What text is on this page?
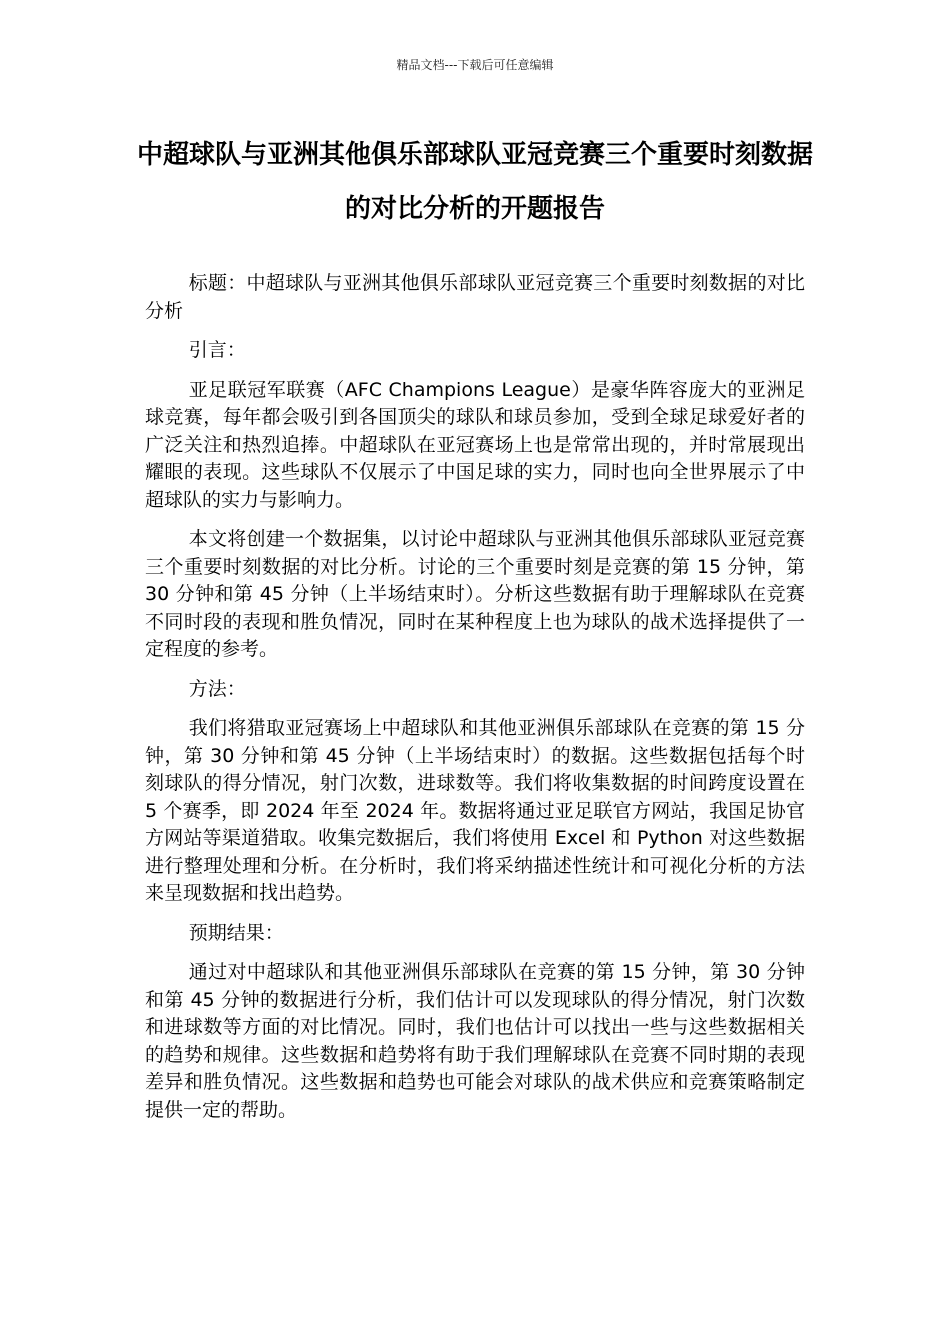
精品文档---下载后可任意编辑
中超球队与亚洲其他俱乐部球队亚冠竞赛三个重要时刻数据的对比分析的开题报告

标题：中超球队与亚洲其他俱乐部球队亚冠竞赛三个重要时刻数据的对比分析

引言：

亚足联冠军联赛（AFC Champions League）是豪华阵容庞大的亚洲足球竞赛，每年都会吸引到各国顶尖的球队和球员参加，受到全球足球爱好者的广泛关注和热烈追捧。中超球队在亚冠赛场上也是常常出现的，并时常展现出耀眼的表现。这些球队不仅展示了中国足球的实力，同时也向全世界展示了中超球队的实力与影响力。

本文将创建一个数据集，以讨论中超球队与亚洲其他俱乐部球队亚冠竞赛三个重要时刻数据的对比分析。讨论的三个重要时刻是竞赛的第 15 分钟，第 30 分钟和第 45 分钟（上半场结束时）。分析这些数据有助于理解球队在竞赛不同时段的表现和胜负情况，同时在某种程度上也为球队的战术选择提供了一定程度的参考。

方法：

我们将猎取亚冠赛场上中超球队和其他亚洲俱乐部球队在竞赛的第 15 分钟，第 30 分钟和第 45 分钟（上半场结束时）的数据。这些数据包括每个时刻球队的得分情况，射门次数，进球数等。我们将收集数据的时间跨度设置在 5 个赛季，即 2024 年至 2024 年。数据将通过亚足联官方网站，我国足协官方网站等渠道猎取。收集完数据后，我们将使用 Excel 和 Python 对这些数据进行整理处理和分析。在分析时，我们将采纳描述性统计和可视化分析的方法来呈现数据和找出趋势。

预期结果：

通过对中超球队和其他亚洲俱乐部球队在竞赛的第 15 分钟，第 30 分钟和第 45 分钟的数据进行分析，我们估计可以发现球队的得分情况，射门次数和进球数等方面的对比情况。同时，我们也估计可以找出一些与这些数据相关的趋势和规律。这些数据和趋势将有助于我们理解球队在竞赛不同时期的表现差异和胜负情况。这些数据和趋势也可能会对球队的战术供应和竞赛策略制定提供一定的帮助。
